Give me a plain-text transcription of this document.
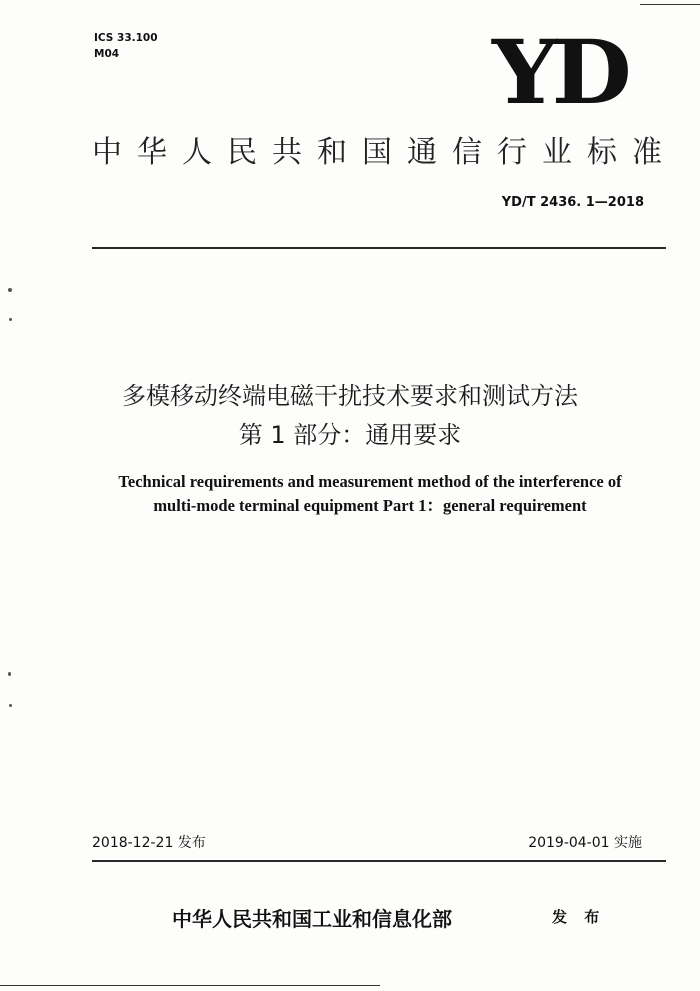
ICS 33.100
M04	YD
中华人民共和国通信行业标准
YD/T 2436. 1—2018
多模移动终端电磁干扰技术要求和测试方法
第 1 部分：通用要求
Technical requirements and measurement method of the interference of
multi-mode terminal equipment Part 1：general requirement
2018-12-21 发布	2019-04-01 实施
中华人民共和国工业和信息化部	发 布
